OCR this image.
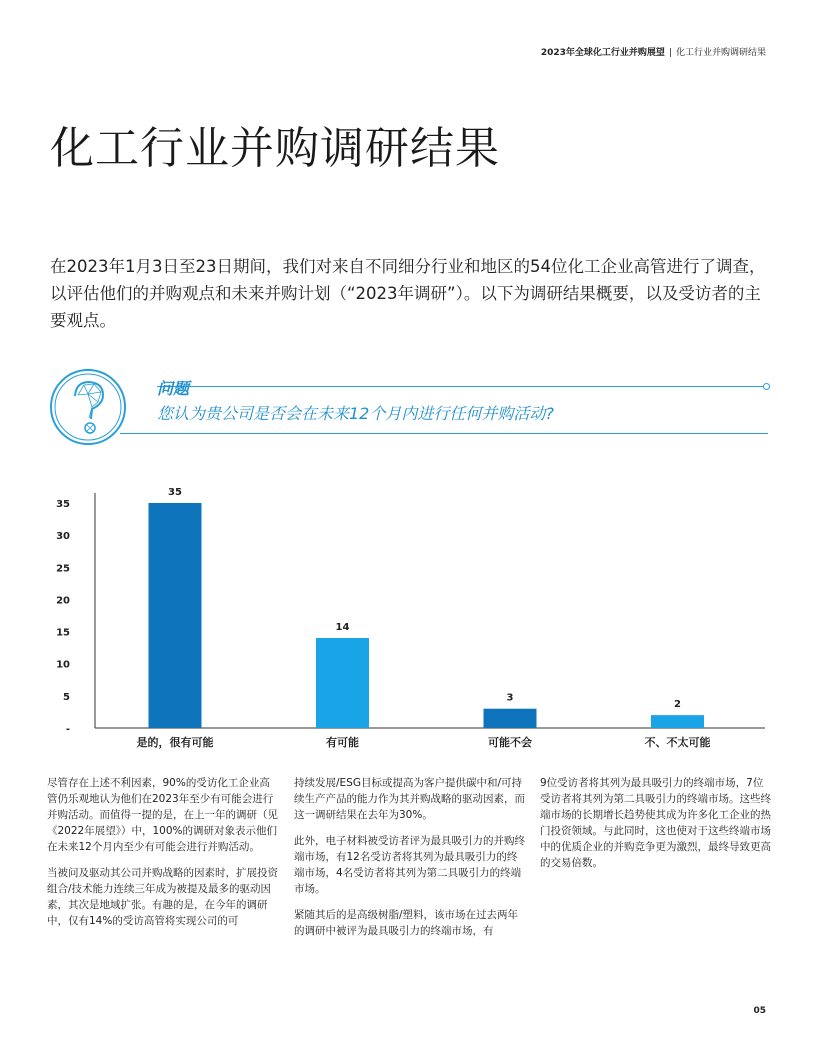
2023年全球化工行业并购展望 | 化工行业并购调研结果
化工行业并购调研结果

在2023年1月3日至23日期间，我们对来自不同细分行业和地区的54位化工企业高管进行了调查，以评估他们的并购观点和未来并购计划（“2023年调研”）。以下为调研结果概要，以及受访者的主要观点。

问题
您认为贵公司是否会在未来12个月内进行任何并购活动?
-
5
10
15
20
25
30
35
35
是的，很有可能
14
有可能
3
可能不会
2
不、不太可能

尽管存在上述不利因素，90%的受访化工企业高管仍乐观地认为他们在2023年至少有可能会进行并购活动。而值得一提的是，在上一年的调研（见《2022年展望》）中，100%的调研对象表示他们在未来12个月内至少有可能会进行并购活动。

当被问及驱动其公司并购战略的因素时，扩展投资组合/技术能力连续三年成为被提及最多的驱动因素，其次是地域扩张。有趣的是，在今年的调研中，仅有14%的受访高管将实现公司的可

持续发展/ESG目标或提高为客户提供碳中和/可持续生产产品的能力作为其并购战略的驱动因素，而这一调研结果在去年为30%。

此外，电子材料被受访者评为最具吸引力的并购终端市场，有12名受访者将其列为最具吸引力的终端市场，4名受访者将其列为第二具吸引力的终端市场。

紧随其后的是高级树脂/塑料，该市场在过去两年的调研中被评为最具吸引力的终端市场，有

9位受访者将其列为最具吸引力的终端市场，7位受访者将其列为第二具吸引力的终端市场。这些终端市场的长期增长趋势使其成为许多化工企业的热门投资领域。与此同时，这也使对于这些终端市场中的优质企业的并购竞争更为激烈，最终导致更高的交易倍数。

05
